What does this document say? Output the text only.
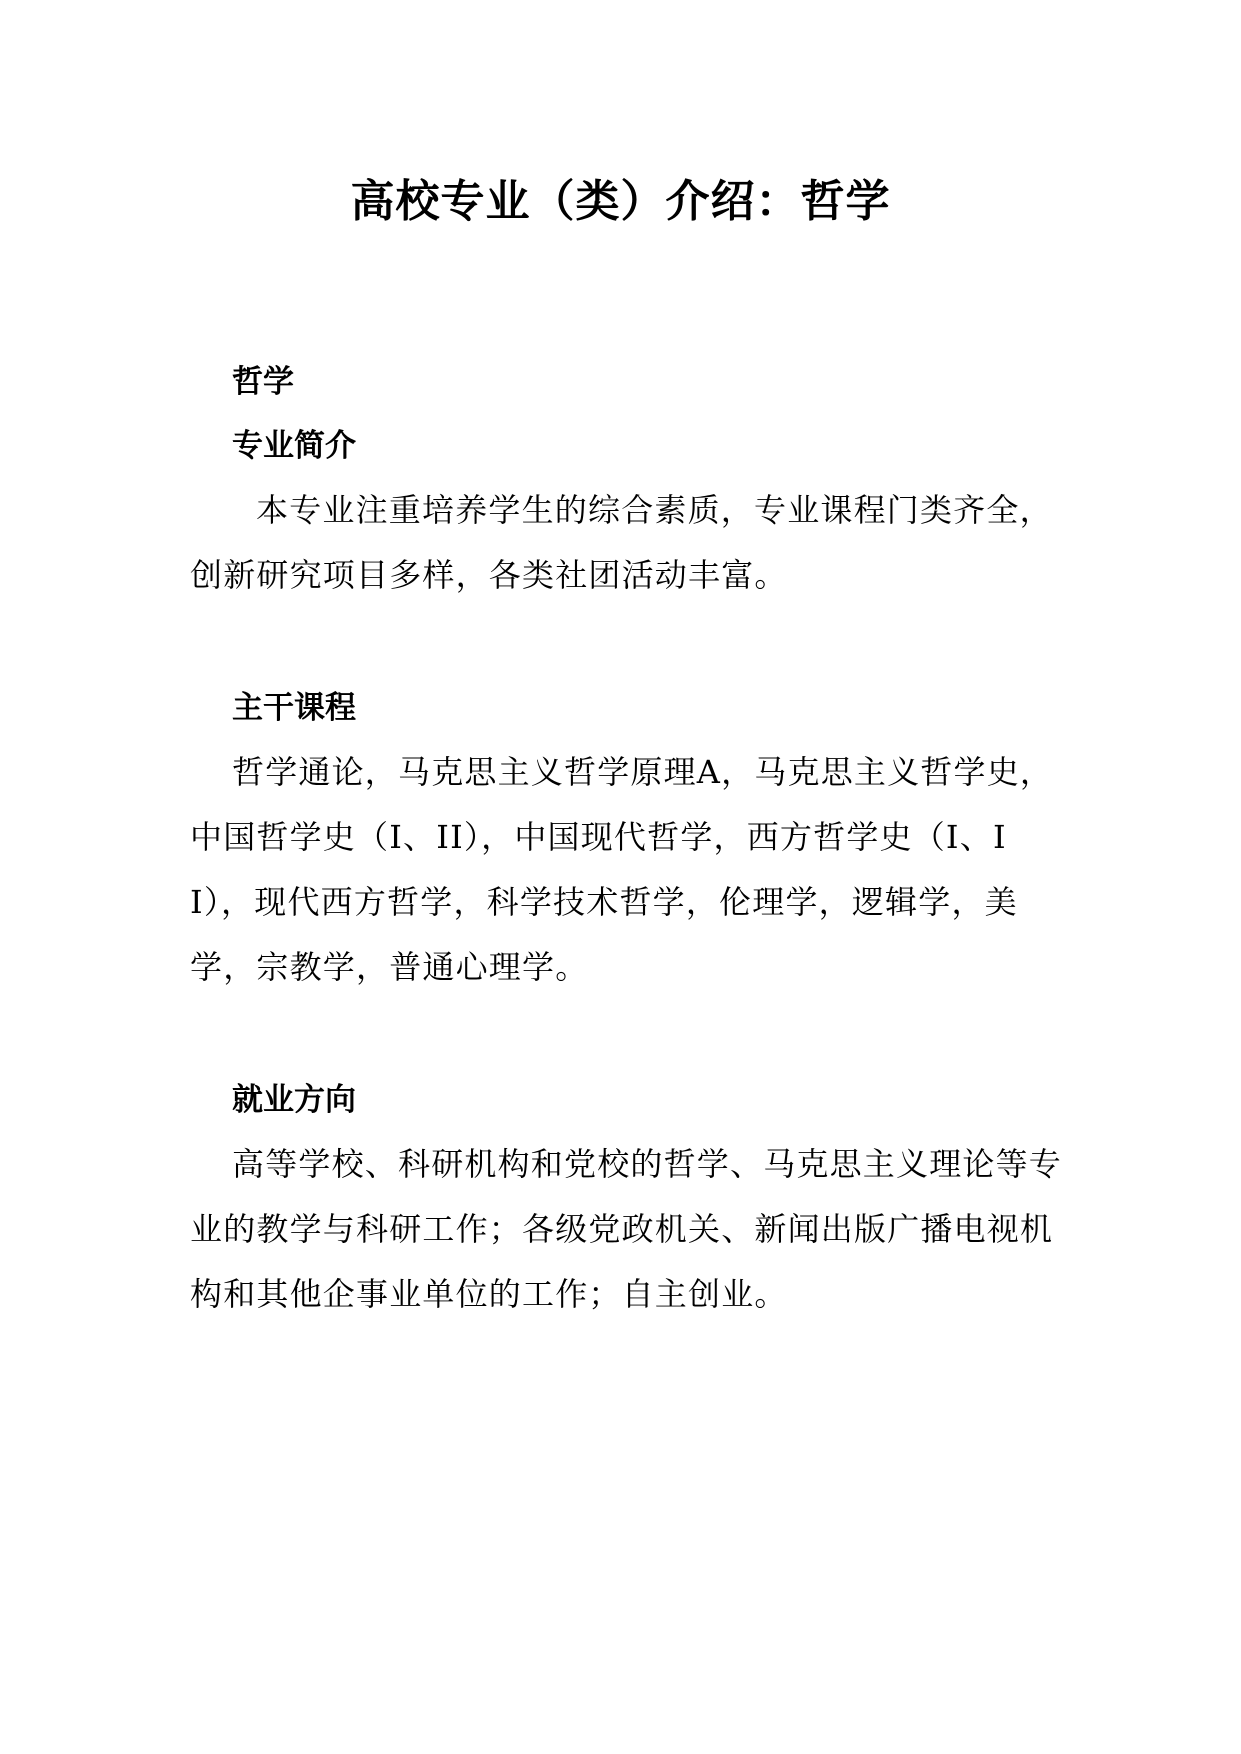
高校专业（类）介绍：哲学
哲学
专业简介

本专业注重培养学生的综合素质，专业课程门类齐全，创新研究项目多样，各类社团活动丰富。

主干课程

哲学通论，马克思主义哲学原理A，马克思主义哲学史，中国哲学史（I、II），中国现代哲学，西方哲学史（I、II），现代西方哲学，科学技术哲学，伦理学，逻辑学，美学，宗教学，普通心理学。

就业方向

高等学校、科研机构和党校的哲学、马克思主义理论等专业的教学与科研工作；各级党政机关、新闻出版广播电视机构和其他企事业单位的工作；自主创业。
